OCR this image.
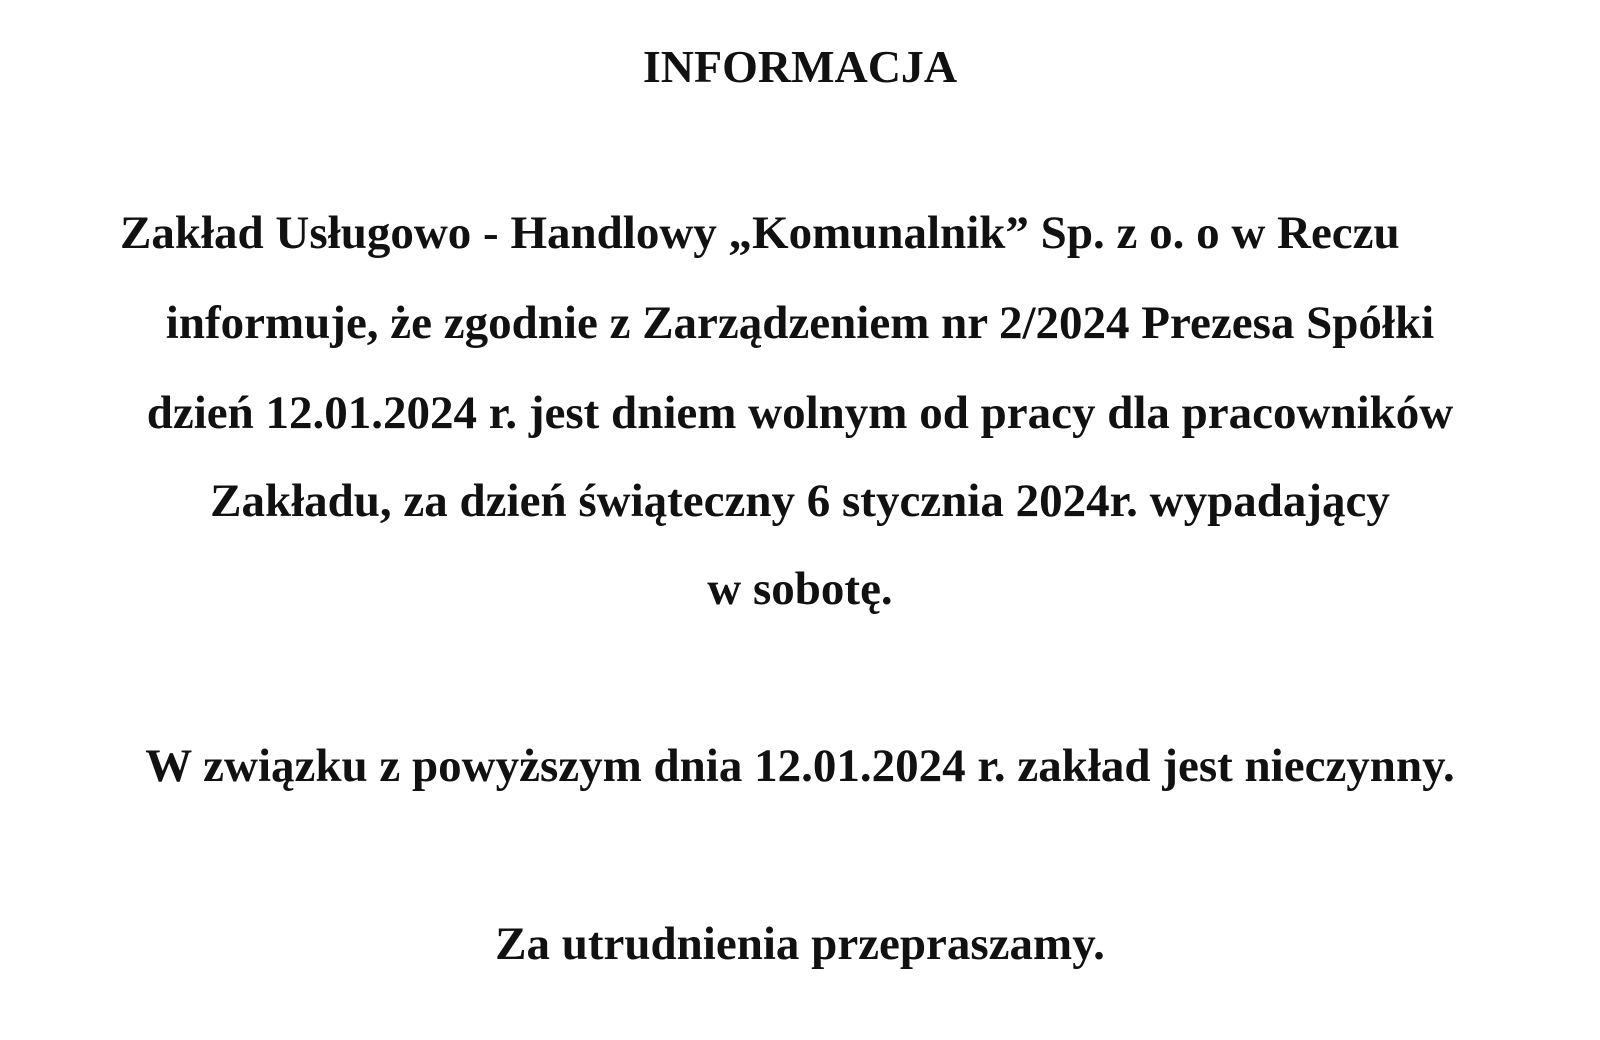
INFORMACJA
Zakład Usługowo - Handlowy „Komunalnik” Sp. z o. o w Reczu
informuje, że zgodnie z Zarządzeniem nr 2/2024 Prezesa Spółki
dzień 12.01.2024 r. jest dniem wolnym od pracy dla pracowników
Zakładu, za dzień świąteczny 6 stycznia 2024r. wypadający
w sobotę.
W związku z powyższym dnia 12.01.2024 r. zakład jest nieczynny.
Za utrudnienia przepraszamy.
